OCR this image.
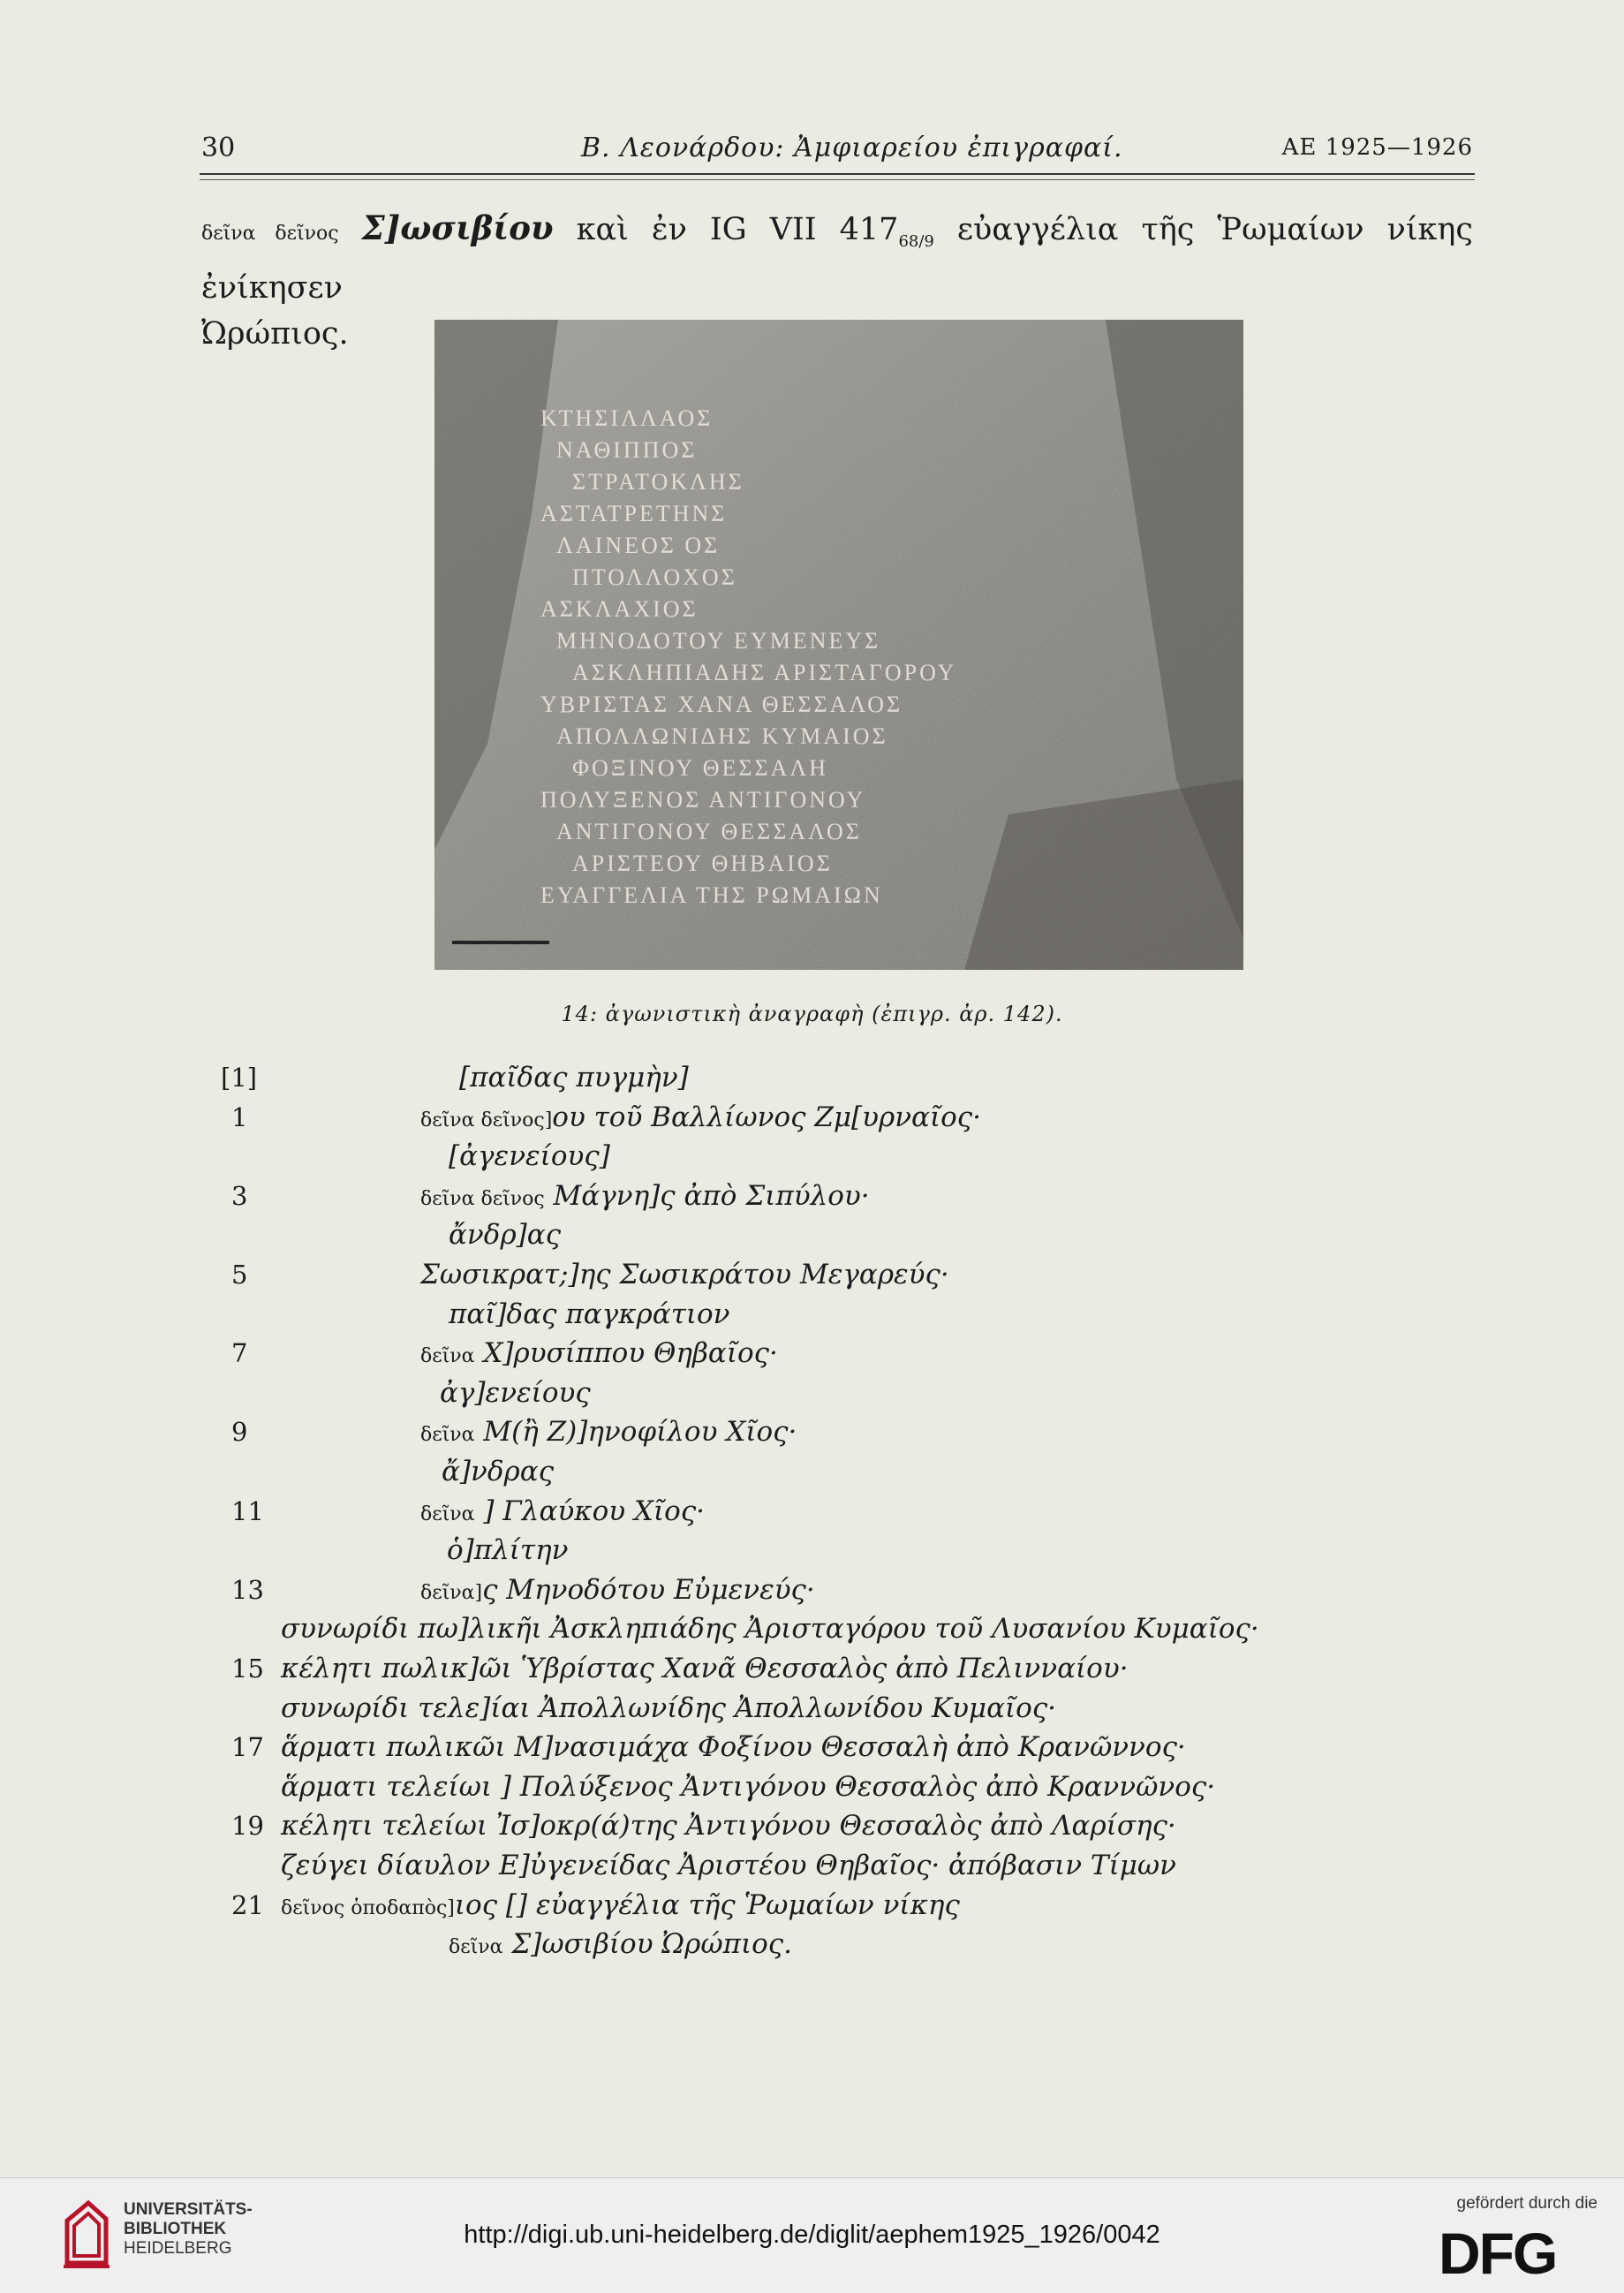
30	Β. Λεονάρδου: Ἀμφιαρείου ἐπιγραφαί.	ΑΕ 1925—1926
δεῖνα δεῖνος Σ]ωσιβίου καὶ ἐν IG VII $417_{68/9}$ εὐαγγέλια τῆς Ῥωμαίων νίκης ἐνίκησεν
Ὠρώπιος.
ΚΤΗΣΙΛΛΑΟΣ
ΝΑΘΙΠΠΟΣ
ΣΤΡΑΤΟΚΛΗΣ
ΑΣΤΑΤΡΕΤΗΝΣ
ΛΑΙΝΕΟΣ ΟΣ
ΠΤΟΛΛΟΧΟΣ
ΑΣΚΛΑΧΙΟΣ
ΜΗΝΟΔΟΤΟΥ ΕΥΜΕΝΕΥΣ
ΑΣΚΛΗΠΙΑΔΗΣ ΑΡΙΣΤΑΓΟΡΟΥ
ΥΒΡΙΣΤΑΣ ΧΑΝΑ ΘΕΣΣΑΛΟΣ
ΑΠΟΛΛΩΝΙΔΗΣ ΚΥΜΑΙΟΣ
ΦΟΞΙΝΟΥ ΘΕΣΣΑΛΗ
ΠΟΛΥΞΕΝΟΣ ΑΝΤΙΓΟΝΟΥ
ΑΝΤΙΓΟΝΟΥ ΘΕΣΣΑΛΟΣ
ΑΡΙΣΤΕΟΥ ΘΗΒΑΙΟΣ
ΕΥΑΓΓΕΛΙΑ ΤΗΣ ΡΩΜΑΙΩΝ
14: ἀγωνιστικὴ ἀναγραφὴ (ἐπιγρ. ἀρ. 142).
[1]	[παῖδας πυγμὴν]
1	δεῖνα δεῖνος]ου τοῦ Βαλλίωνος Ζμ[υρναῖος·
[ἀγενείους]
3	δεῖνα δεῖνος Μάγνη]ς ἀπὸ Σιπύλου·
ἄνδρ]ας
5	Σωσικρατ;]ης Σωσικράτου Μεγαρεύς·
παῖ]δας παγκράτιον
7	δεῖνα Χ]ρυσίππου Θηβαῖος·
ἀγ]ενείους
9	δεῖνα Μ(ἢ Ζ)]ηνοφίλου Χῖος·
ἄ]νδρας
11	δεῖνα ] Γλαύκου Χῖος·
ὁ]πλίτην
13	δεῖνα]ς Μηνοδότου Εὐμενεύς·
συνωρίδι πω]λικῆι Ἀσκληπιάδης Ἀρισταγόρου τοῦ Λυσανίου Κυμαῖος·
15 κέλητι πωλικ]ῶι Ὑβρίστας Χανᾶ Θεσσαλὸς ἀπὸ Πελινναίου·
συνωρίδι τελε]ίαι Ἀπολλωνίδης Ἀπολλωνίδου Κυμαῖος·
17 ἅρματι πωλικῶι Μ]νασιμάχα Φοξίνου Θεσσαλὴ ἀπὸ Κρανῶννος·
ἅρματι τελείωι ] Πολύξενος Ἀντιγόνου Θεσσαλὸς ἀπὸ Κραννῶνος·
19 κέλητι τελείωι Ἰσ]οκρ(ά)της Ἀντιγόνου Θεσσαλὸς ἀπὸ Λαρίσης·
ζεύγει δίαυλον Ε]ὐγενείδας Ἀριστέου Θηβαῖος· ἀπόβασιν Τίμων
21 δεῖνος ὁποδαπὸς]ιος [] εὐαγγέλια τῆς Ῥωμαίων νίκης
δεῖνα Σ]ωσιβίου Ὠρώπιος.
UNIVERSITÄTS-
BIBLIOTHEK
HEIDELBERG	http://digi.ub.uni-heidelberg.de/diglit/aephem1925_1926/0042
gefördert durch die
DFG
